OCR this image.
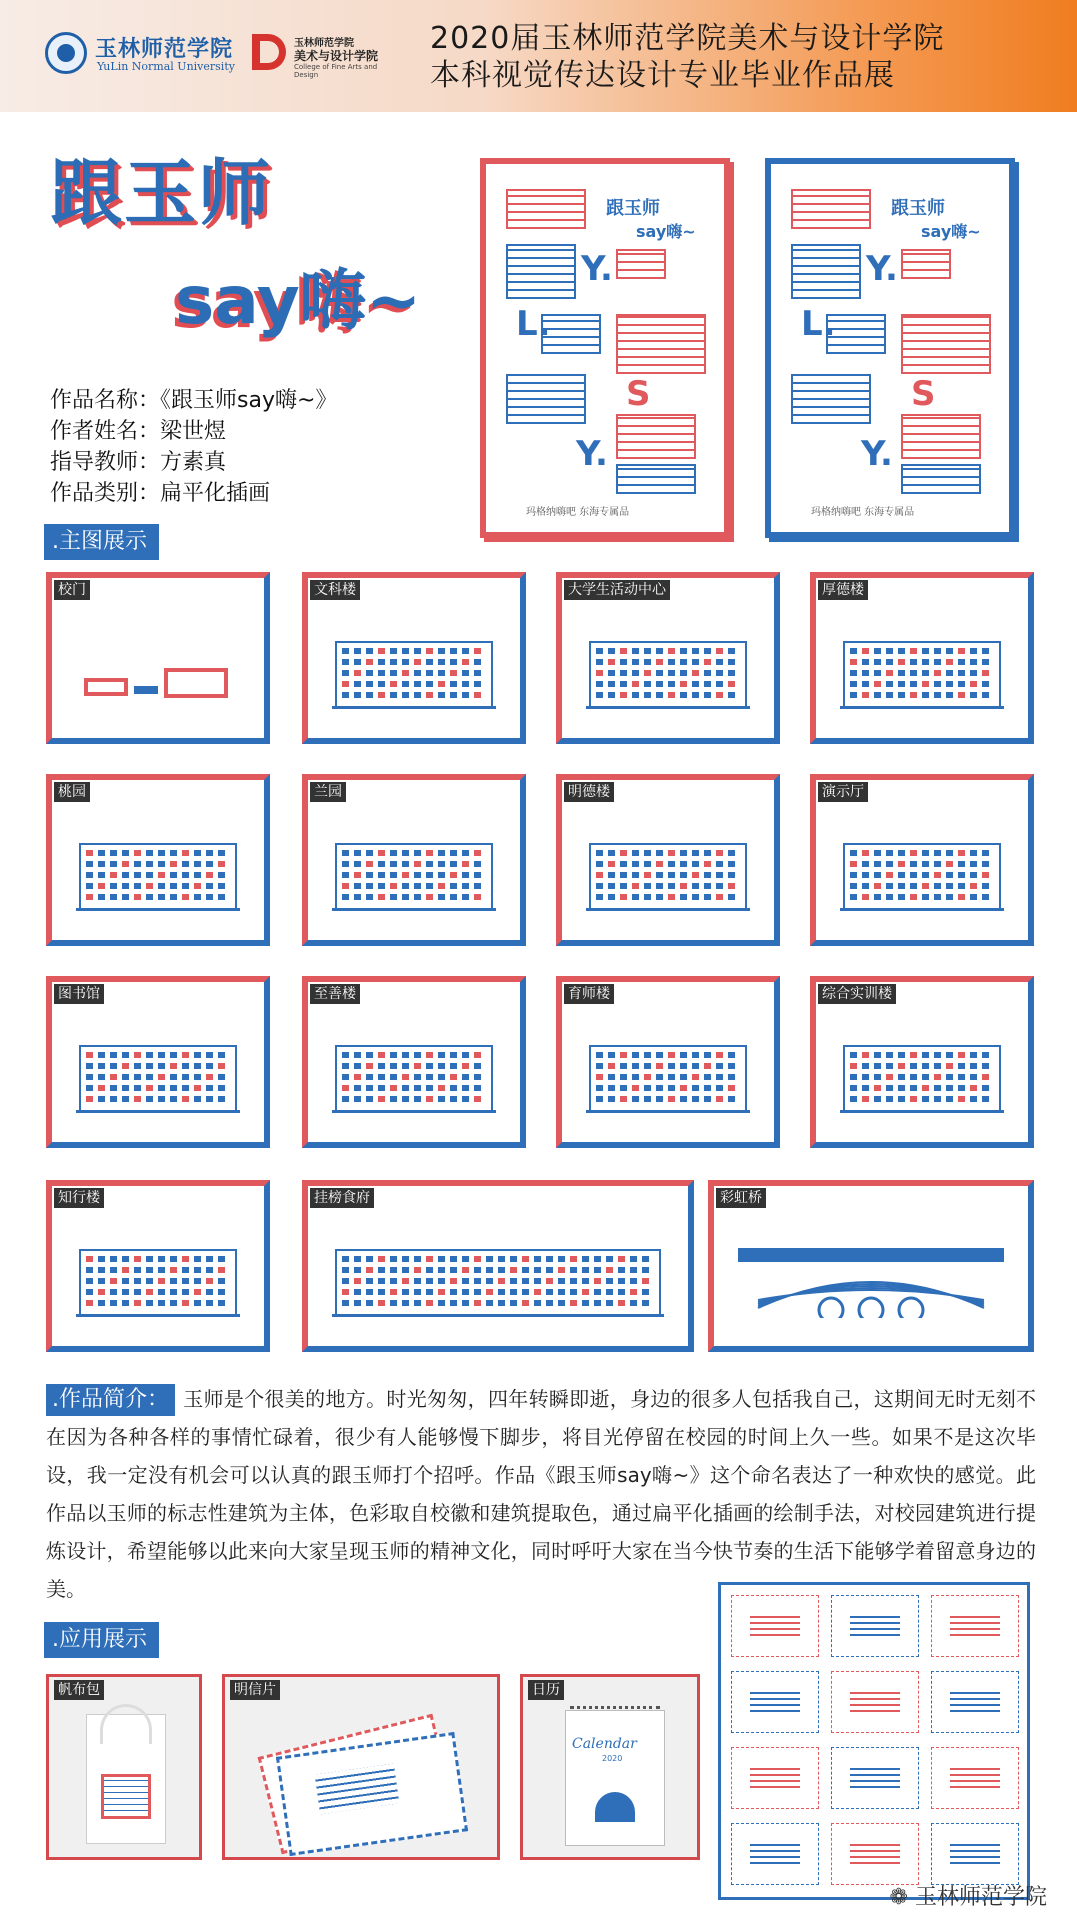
玉林师范学院
YuLin Normal University
玉林师范学院
美术与设计学院
College of Fine Arts and Design
2020届玉林师范学院美术与设计学院
本科视觉传达设计专业毕业作品展
跟玉师
say嗨~
作品名称：《跟玉师say嗨~》
作者姓名：梁世煜
指导教师：方素真
作品类别：扁平化插画
跟玉师
say嗨~
Y.
L.
S
Y.
玛格纳嗨吧 东海专属品
跟玉师
say嗨~
Y.
L.
S
Y.
玛格纳嗨吧 东海专属品
.主图展示
校门	文科楼	大学生活动中心	厚德楼
桃园	兰园	明德楼	演示厅
图书馆	至善楼	育师楼	综合实训楼
知行楼	挂榜食府	彩虹桥
.作品简介： 玉师是个很美的地方。时光匆匆，四年转瞬即逝，身边的很多人包括我自己，这期间无时无刻不在因为各种各样的事情忙碌着，很少有人能够慢下脚步，将目光停留在校园的时间上久一些。如果不是这次毕设，我一定没有机会可以认真的跟玉师打个招呼。作品《跟玉师say嗨~》这个命名表达了一种欢快的感觉。此作品以玉师的标志性建筑为主体，色彩取自校徽和建筑提取色，通过扁平化插画的绘制手法，对校园建筑进行提炼设计，希望能够以此来向大家呈现玉师的精神文化，同时呼吁大家在当今快节奏的生活下能够学着留意身边的美。
.应用展示
帆布包	明信片	日历
Calendar
2020
❁ 玉林师范学院
